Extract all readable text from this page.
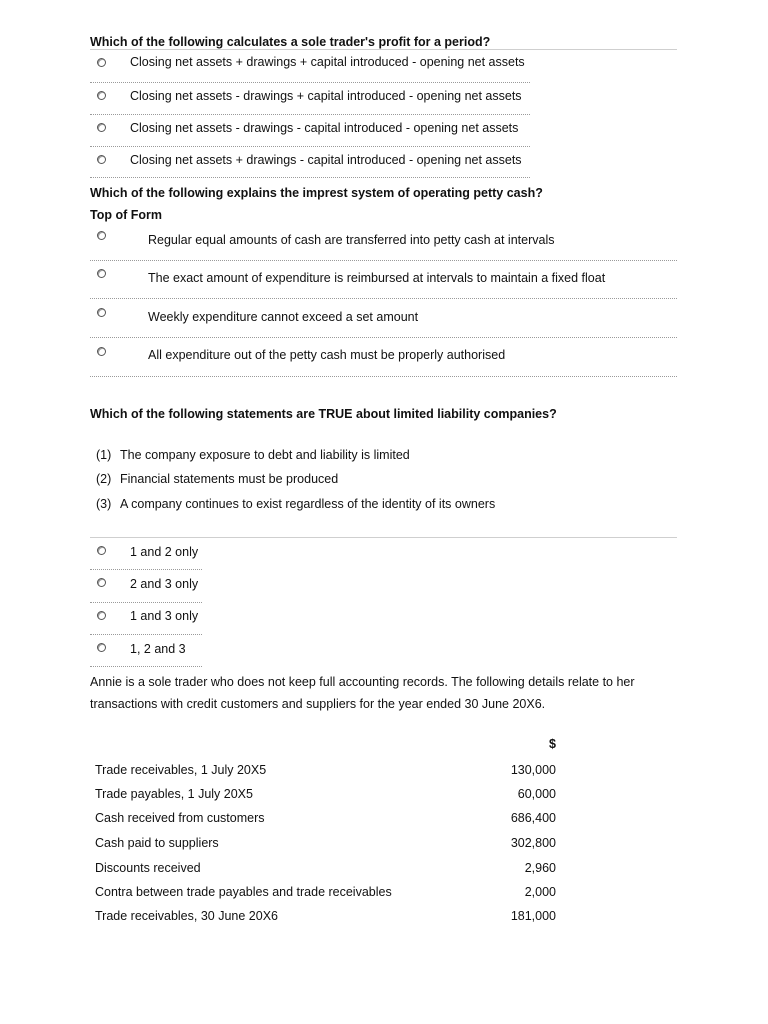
Which of the following calculates a sole trader's profit for a period?
Closing net assets + drawings + capital introduced - opening net assets
Closing net assets - drawings + capital introduced - opening net assets
Closing net assets - drawings - capital introduced - opening net assets
Closing net assets + drawings - capital introduced - opening net assets
Which of the following explains the imprest system of operating petty cash?
Top of Form
Regular equal amounts of cash are transferred into petty cash at intervals
The exact amount of expenditure is reimbursed at intervals to maintain a fixed float
Weekly expenditure cannot exceed a set amount
All expenditure out of the petty cash must be properly authorised
Which of the following statements are TRUE about limited liability companies?
(1) The company exposure to debt and liability is limited
(2) Financial statements must be produced
(3) A company continues to exist regardless of the identity of its owners
1 and 2 only
2 and 3 only
1 and 3 only
1, 2 and 3
Annie is a sole trader who does not keep full accounting records. The following details relate to her
transactions with credit customers and suppliers for the year ended 30 June 20X6.
$
Trade receivables, 1 July 20X5	130,000
Trade payables, 1 July 20X5	60,000
Cash received from customers	686,400
Cash paid to suppliers	302,800
Discounts received	2,960
Contra between trade payables and trade receivables	2,000
Trade receivables, 30 June 20X6	181,000
